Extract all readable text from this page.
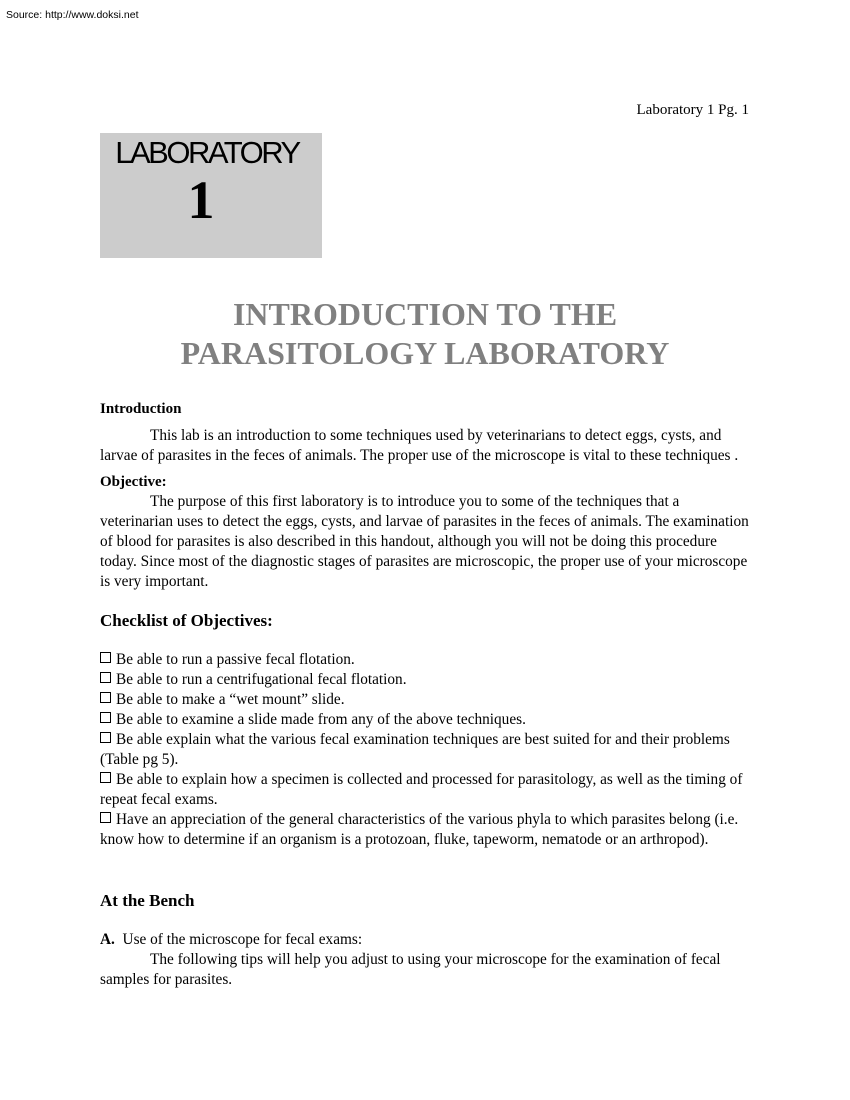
Source: http://www.doksi.net
Laboratory 1 Pg. 1
LABORATORY
1
INTRODUCTION TO THE
PARASITOLOGY LABORATORY

Introduction

This lab is an introduction to some techniques used by veterinarians to detect eggs, cysts, and larvae of parasites in the feces of animals. The proper use of the microscope is vital to these techniques .

Objective:

The purpose of this first laboratory is to introduce you to some of the techniques that a veterinarian uses to detect the eggs, cysts, and larvae of parasites in the feces of animals. The examination of blood for parasites is also described in this handout, although you will not be doing this procedure today. Since most of the diagnostic stages of parasites are microscopic, the proper use of your microscope is very important.

Checklist of Objectives:

Be able to run a passive fecal flotation.

Be able to run a centrifugational fecal flotation.

Be able to make a “wet mount” slide.

Be able to examine a slide made from any of the above techniques.

Be able explain what the various fecal examination techniques are best suited for and their problems (Table pg 5).

Be able to explain how a specimen is collected and processed for parasitology, as well as the timing of repeat fecal exams.

Have an appreciation of the general characteristics of the various phyla to which parasites belong (i.e. know how to determine if an organism is a protozoan, fluke, tapeworm, nematode or an arthropod).

At the Bench

A. Use of the microscope for fecal exams:

The following tips will help you adjust to using your microscope for the examination of fecal samples for parasites.
